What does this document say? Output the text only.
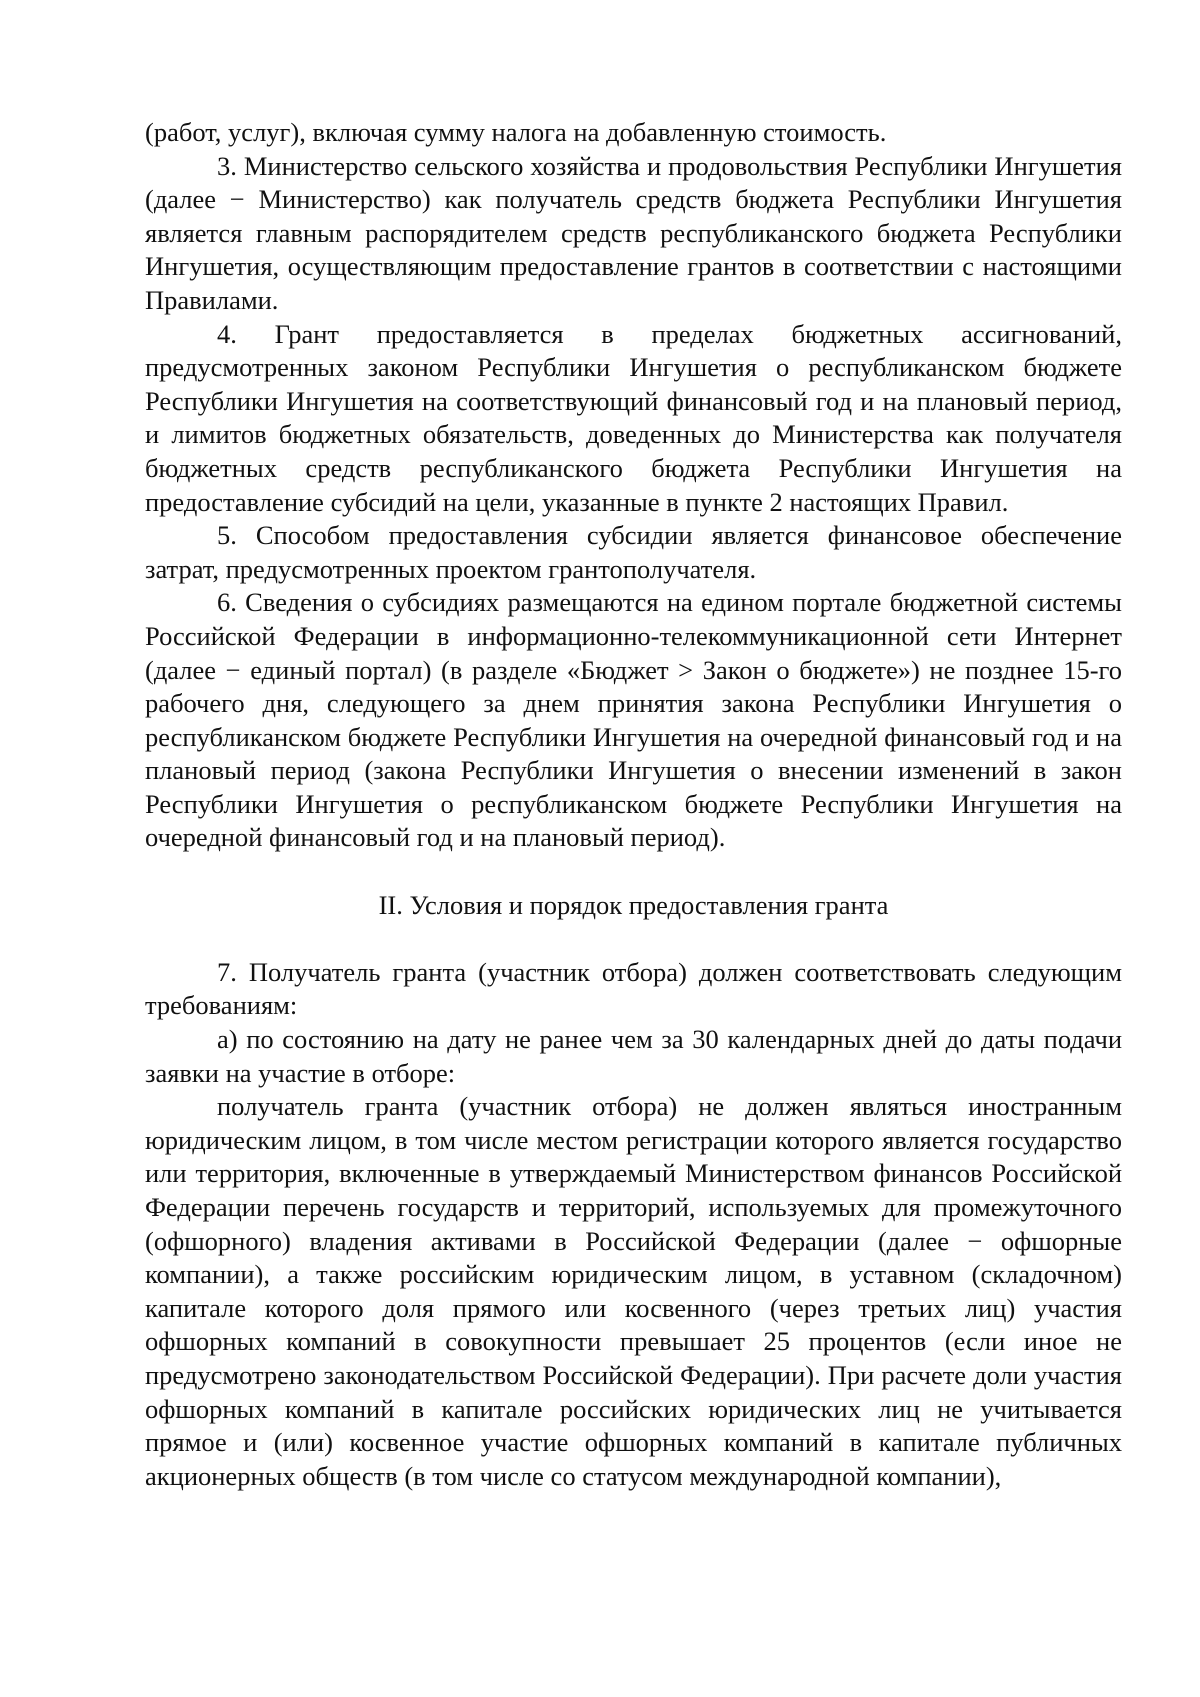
(работ, услуг), включая сумму налога на добавленную стоимость.

3. Министерство сельского хозяйства и продовольствия Республики Ингушетия (далее − Министерство) как получатель средств бюджета Республики Ингушетия является главным распорядителем средств республиканского бюджета Республики Ингушетия, осуществляющим предоставление грантов в соответствии с настоящими Правилами.

4. Грант предоставляется в пределах бюджетных ассигнований, предусмотренных законом Республики Ингушетия о республиканском бюджете Республики Ингушетия на соответствующий финансовый год и на плановый период, и лимитов бюджетных обязательств, доведенных до Министерства как получателя бюджетных средств республиканского бюджета Республики Ингушетия на предоставление субсидий на цели, указанные в пункте 2 настоящих Правил.

5. Способом предоставления субсидии является финансовое обеспечение затрат, предусмотренных проектом грантополучателя.

6. Сведения о субсидиях размещаются на едином портале бюджетной системы Российской Федерации в информационно-телекоммуникационной сети Интернет (далее − единый портал) (в разделе «Бюджет > Закон о бюджете») не позднее 15-го рабочего дня, следующего за днем принятия закона Республики Ингушетия о республиканском бюджете Республики Ингушетия на очередной финансовый год и на плановый период (закона Республики Ингушетия о внесении изменений в закон Республики Ингушетия о республиканском бюджете Республики Ингушетия на очередной финансовый год и на плановый период).

II. Условия и порядок предоставления гранта

7. Получатель гранта (участник отбора) должен соответствовать следующим требованиям:

а) по состоянию на дату не ранее чем за 30 календарных дней до даты подачи заявки на участие в отборе:

получатель гранта (участник отбора) не должен являться иностранным юридическим лицом, в том числе местом регистрации которого является государство или территория, включенные в утверждаемый Министерством финансов Российской Федерации перечень государств и территорий, используемых для промежуточного (офшорного) владения активами в Российской Федерации (далее − офшорные компании), а также российским юридическим лицом, в уставном (складочном) капитале которого доля прямого или косвенного (через третьих лиц) участия офшорных компаний в совокупности превышает 25 процентов (если иное не предусмотрено законодательством Российской Федерации). При расчете доли участия офшорных компаний в капитале российских юридических лиц не учитывается прямое и (или) косвенное участие офшорных компаний в капитале публичных акционерных обществ (в том числе со статусом международной компании),
